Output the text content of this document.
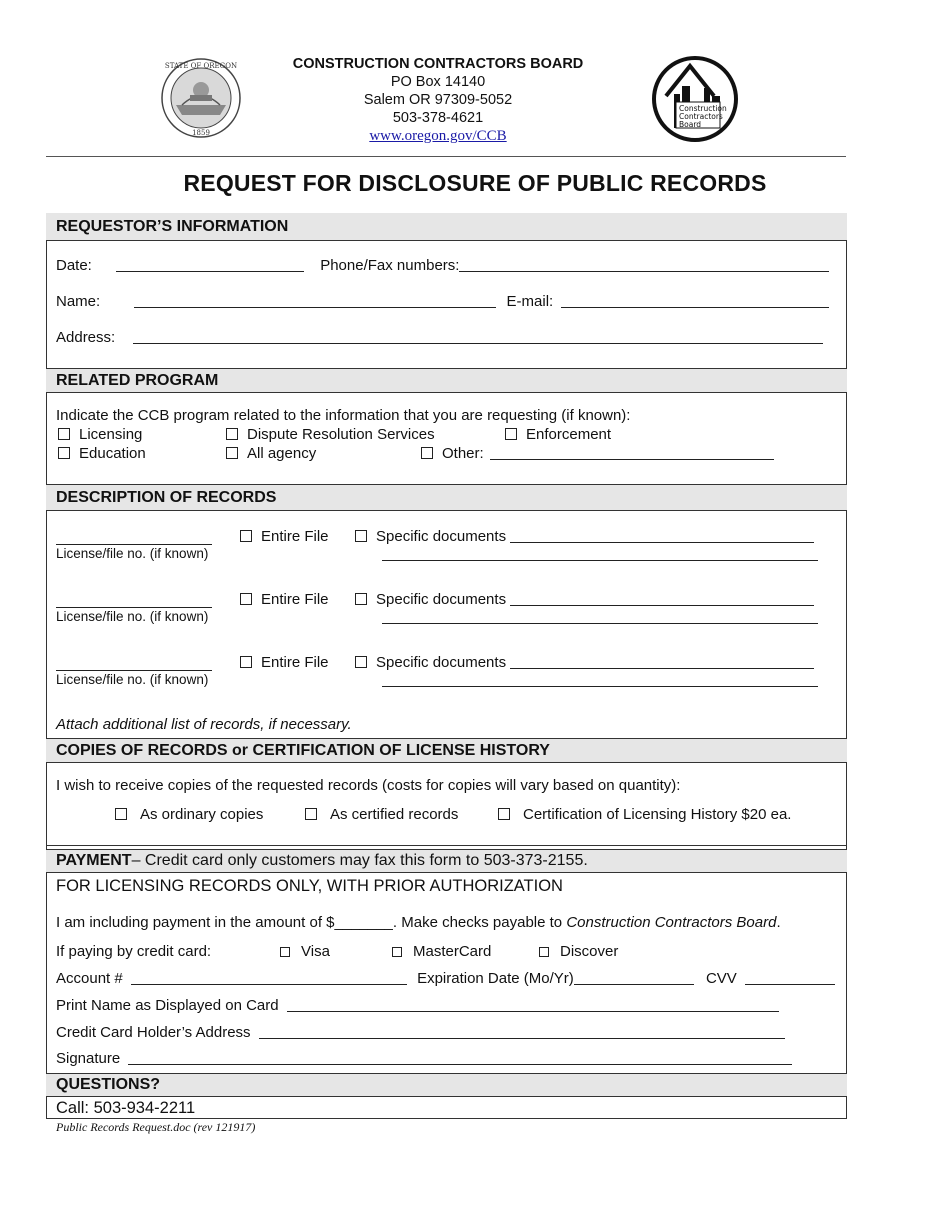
STATE OF OREGON
1859
CONSTRUCTION CONTRACTORS BOARD
PO Box 14140
Salem OR 97309-5052
503-378-4621
www.oregon.gov/CCB
Construction
Contractors
Board
REQUEST FOR DISCLOSURE OF PUBLIC RECORDS
REQUESTOR’S INFORMATION
Date:	Phone/Fax numbers:
Name:	E-mail:
Address:
RELATED PROGRAM
Indicate the CCB program related to the information that you are requesting (if known):
Licensing	Dispute Resolution Services	Enforcement
Education	All agency	Other:
DESCRIPTION OF RECORDS
License/file no. (if known)
Entire File	Specific documents
License/file no. (if known)
Entire File	Specific documents
License/file no. (if known)
Entire File	Specific documents
Attach additional list of records, if necessary.
COPIES OF RECORDS or CERTIFICATION OF LICENSE HISTORY
I wish to receive copies of the requested records (costs for copies will vary based on quantity):
As ordinary copies	As certified records	Certification of Licensing History $20 ea.
PAYMENT – Credit card only customers may fax this form to 503-373-2155.
FOR LICENSING RECORDS ONLY, WITH PRIOR AUTHORIZATION
I am including payment in the amount of $_______. Make checks payable to Construction Contractors Board.
If paying by credit card:	Visa	MasterCard	Discover
Account #	Expiration Date (Mo/Yr)	CVV
Print Name as Displayed on Card
Credit Card Holder’s Address
Signature
QUESTIONS?
Call: 503-934-2211
Public Records Request.doc (rev 121917)
